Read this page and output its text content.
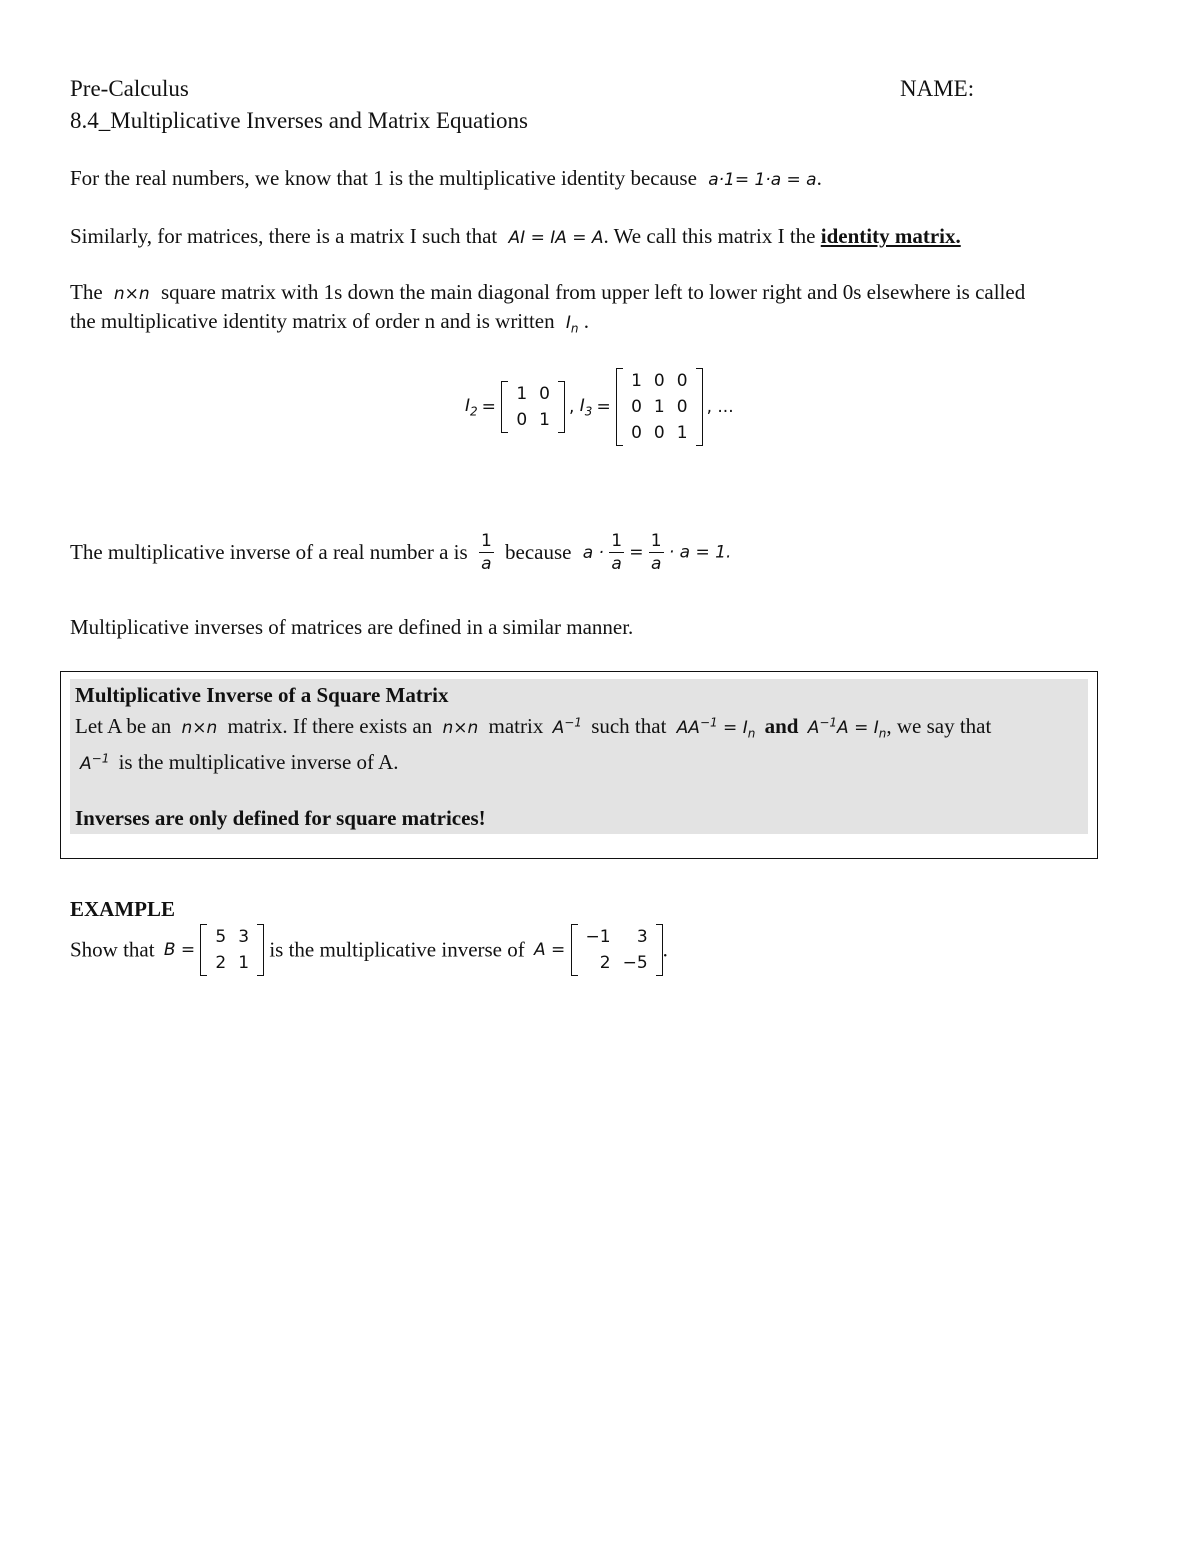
Pre-Calculus	NAME:
8.4_Multiplicative Inverses and Matrix Equations
For the real numbers, we know that 1 is the multiplicative identity because a·1= 1·a = a.
Similarly, for matrices, there is a matrix I such that AI = IA = A. We call this matrix I the identity matrix.
The n×n square matrix with 1s down the main diagonal from upper left to lower right and 0s elsewhere is called
the multiplicative identity matrix of order n and is written $I_n$ .
$I_2$ =
1	0
0	1
, $I_3$ =
1	0	0
0	1	0
0	0	1
, ...
The multiplicative inverse of a real number a is $\frac{1}{a}$ because $a \cdot \frac{1}{a} = \frac{1}{a} \cdot a = 1$.
Multiplicative inverses of matrices are defined in a similar manner.
Multiplicative Inverse of a Square Matrix
Let A be an n×n matrix. If there exists an n×n matrix $A^{-1}$ such that $AA^{-1} = I_n$ and $A^{-1}A = I_n$, we say that
$A^{-1}$ is the multiplicative inverse of A.
Inverses are only defined for square matrices!
EXAMPLE
Show that B =
5	3
2	1
is the multiplicative inverse of A =
−1	3
2	−5
.
